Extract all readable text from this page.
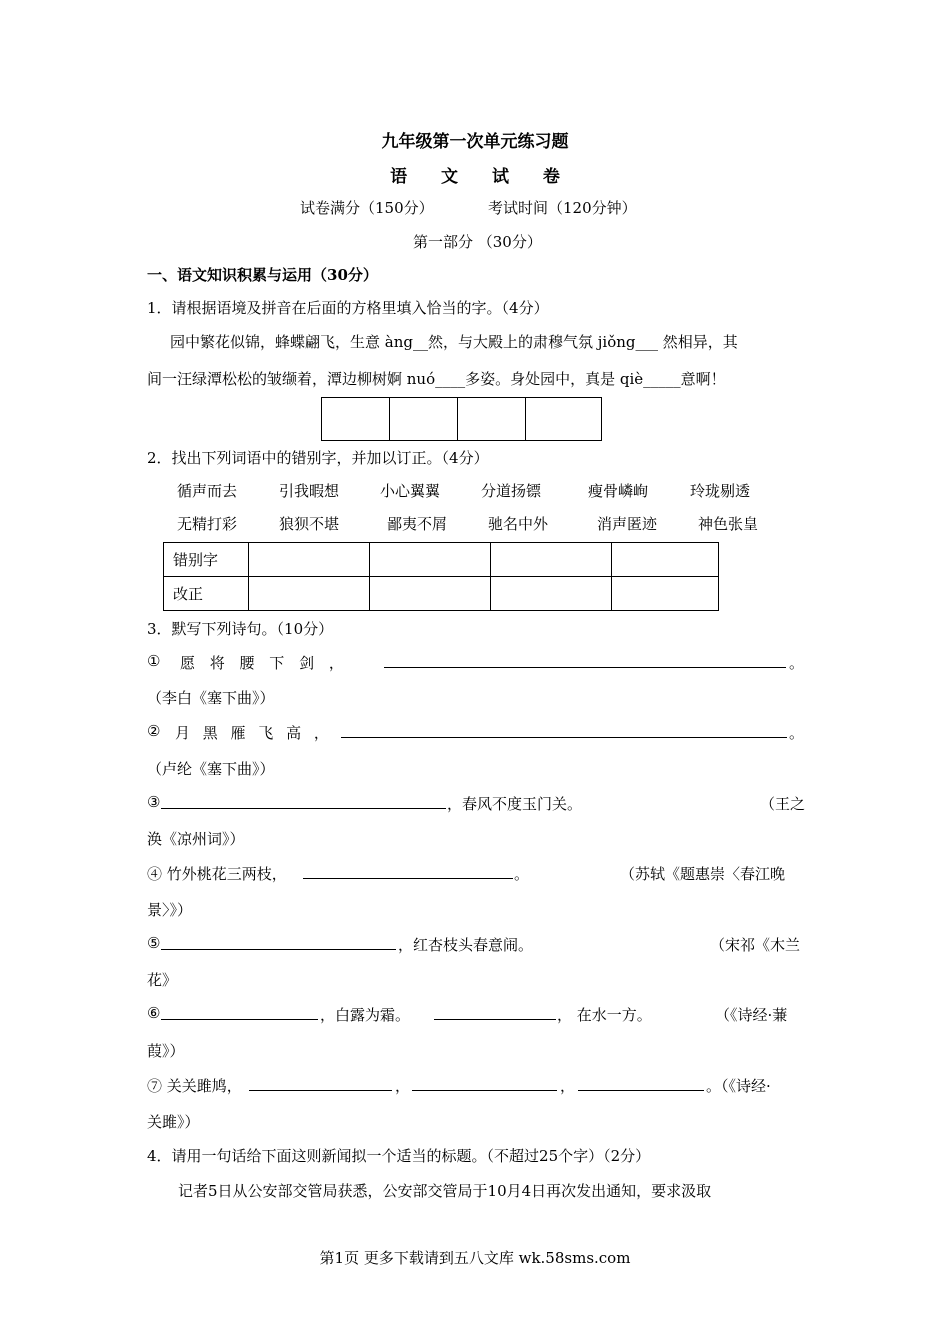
九年级第一次单元练习题
语 文 试 卷
试卷满分（150分）	考试时间（120分钟）
第一部分 （30分）
一、语文知识积累与运用（30分）
1．请根据语境及拼音在后面的方格里填入恰当的字。（4分）
园中繁花似锦，蜂蝶翩飞，生意 àng__然，与大殿上的肃穆气氛 jiǒng___ 然相异，其
间一汪绿潭松松的皱缬着，潭边柳树婀 nuó____多姿。身处园中，真是 qiè_____意啊！

2．找出下列词语中的错别字，并加以订正。（4分）
循声而去	引我暇想	小心翼翼	分道扬镖	瘦骨嶙峋	玲珑剔透
无精打彩	狼狈不堪	鄙夷不屑	驰名中外	消声匿迹	神色张皇
错别字				
改正				
3．默写下列诗句。（10分）
① 愿 将 腰 下 剑 ，	。
（李白《塞下曲》）
② 月 黑 雁 飞 高 ，	。
（卢纶《塞下曲》）
③	，春风不度玉门关。	（王之
涣《凉州词》）
④ 竹外桃花三两枝，	。	（苏轼《题惠崇〈春江晚
景〉》）
⑤	，红杏枝头春意闹。	（宋祁《木兰
花》
⑥	，白露为霜。	， 在水一方。	（《诗经·蒹
葭》）
⑦ 关关雎鸠，	，	，	。（《诗经·
关雎》）
4．请用一句话给下面这则新闻拟一个适当的标题。（不超过25个字）（2分）
记者5日从公安部交管局获悉，公安部交管局于10月4日再次发出通知，要求汲取
第1页 更多下载请到五八文库 wk.58sms.com
